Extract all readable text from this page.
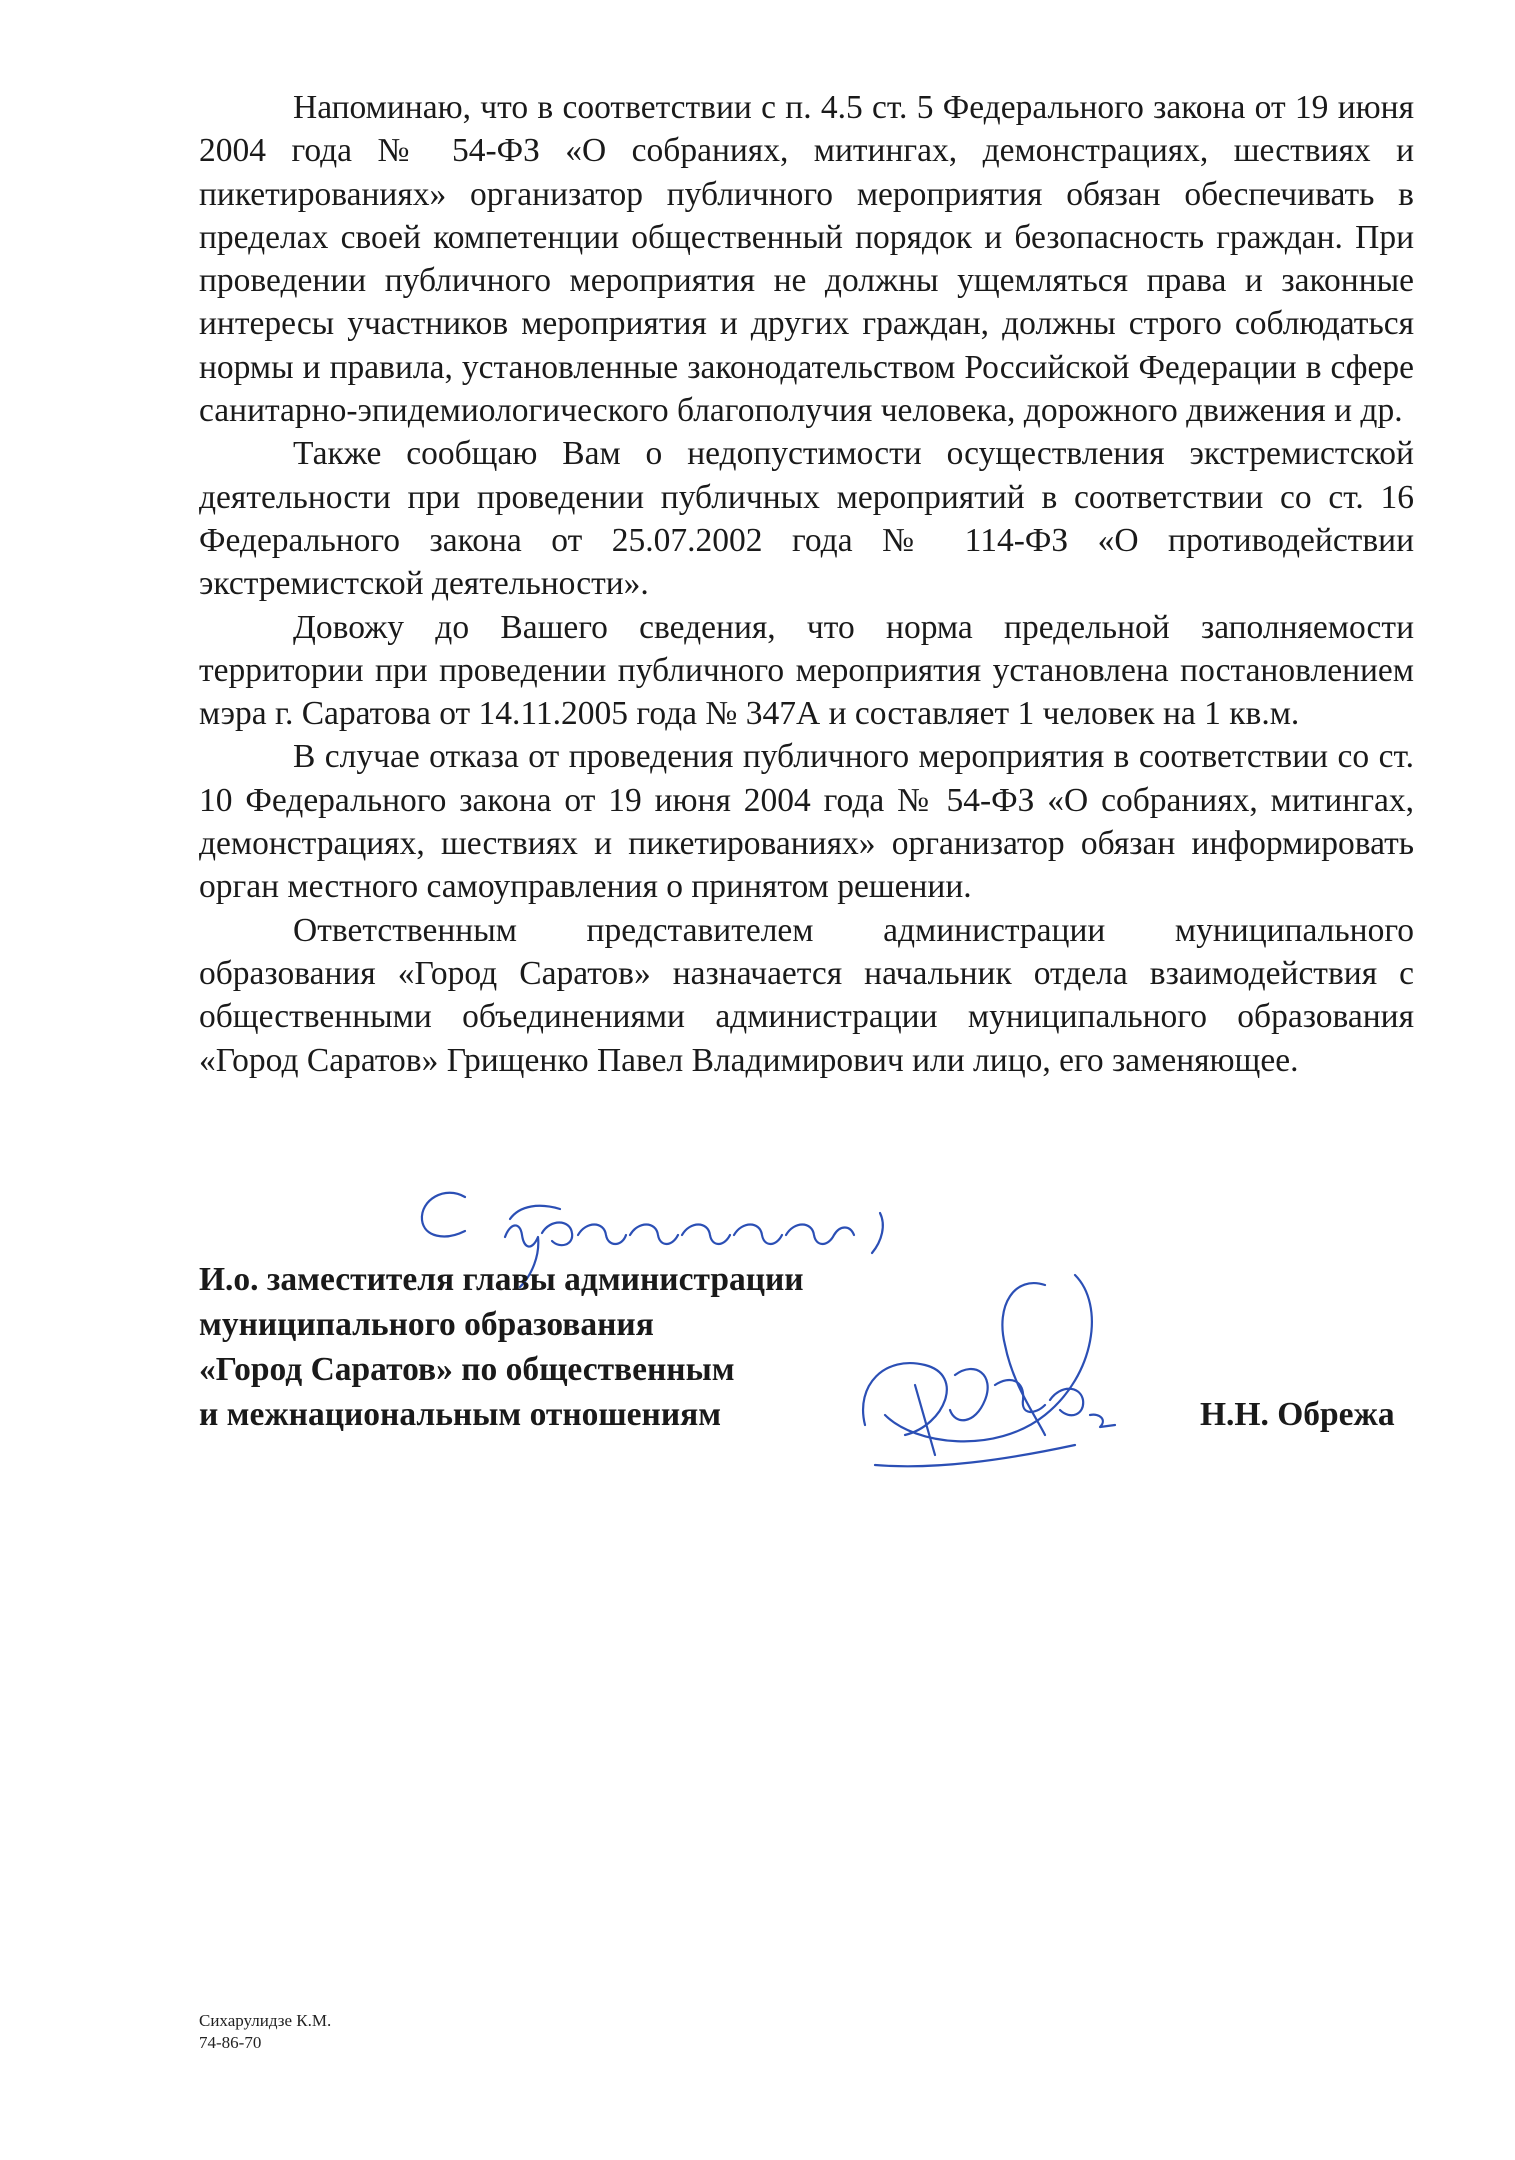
Напоминаю, что в соответствии с п. 4.5 ст. 5 Федерального закона от 19 июня 2004 года № 54-ФЗ «О собраниях, митингах, демонстрациях, шествиях и пикетированиях» организатор публичного мероприятия обязан обеспечивать в пределах своей компетенции общественный порядок и безопасность граждан. При проведении публичного мероприятия не должны ущемляться права и законные интересы участников мероприятия и других граждан, должны строго соблюдаться нормы и правила, установленные законодательством Российской Федерации в сфере санитарно-эпидемиологического благополучия человека, дорожного движения и др.

Также сообщаю Вам о недопустимости осуществления экстремистской деятельности при проведении публичных мероприятий в соответствии со ст. 16 Федерального закона от 25.07.2002 года № 114-ФЗ «О противодействии экстремистской деятельности».

Довожу до Вашего сведения, что норма предельной заполняемости территории при проведении публичного мероприятия установлена постановлением мэра г. Саратова от 14.11.2005 года № 347А и составляет 1 человек на 1 кв.м.

В случае отказа от проведения публичного мероприятия в соответствии со ст. 10 Федерального закона от 19 июня 2004 года № 54-ФЗ «О собраниях, митингах, демонстрациях, шествиях и пикетированиях» организатор обязан информировать орган местного самоуправления о принятом решении.

Ответственным представителем администрации муниципального образования «Город Саратов» назначается начальник отдела взаимодействия с общественными объединениями администрации муниципального образования «Город Саратов» Грищенко Павел Владимирович или лицо, его заменяющее.

И.о. заместителя главы администрации
муниципального образования
«Город Саратов» по общественным
и межнациональным отношениям	Н.Н. Обрежа
Сихарулидзе К.М.
74-86-70
